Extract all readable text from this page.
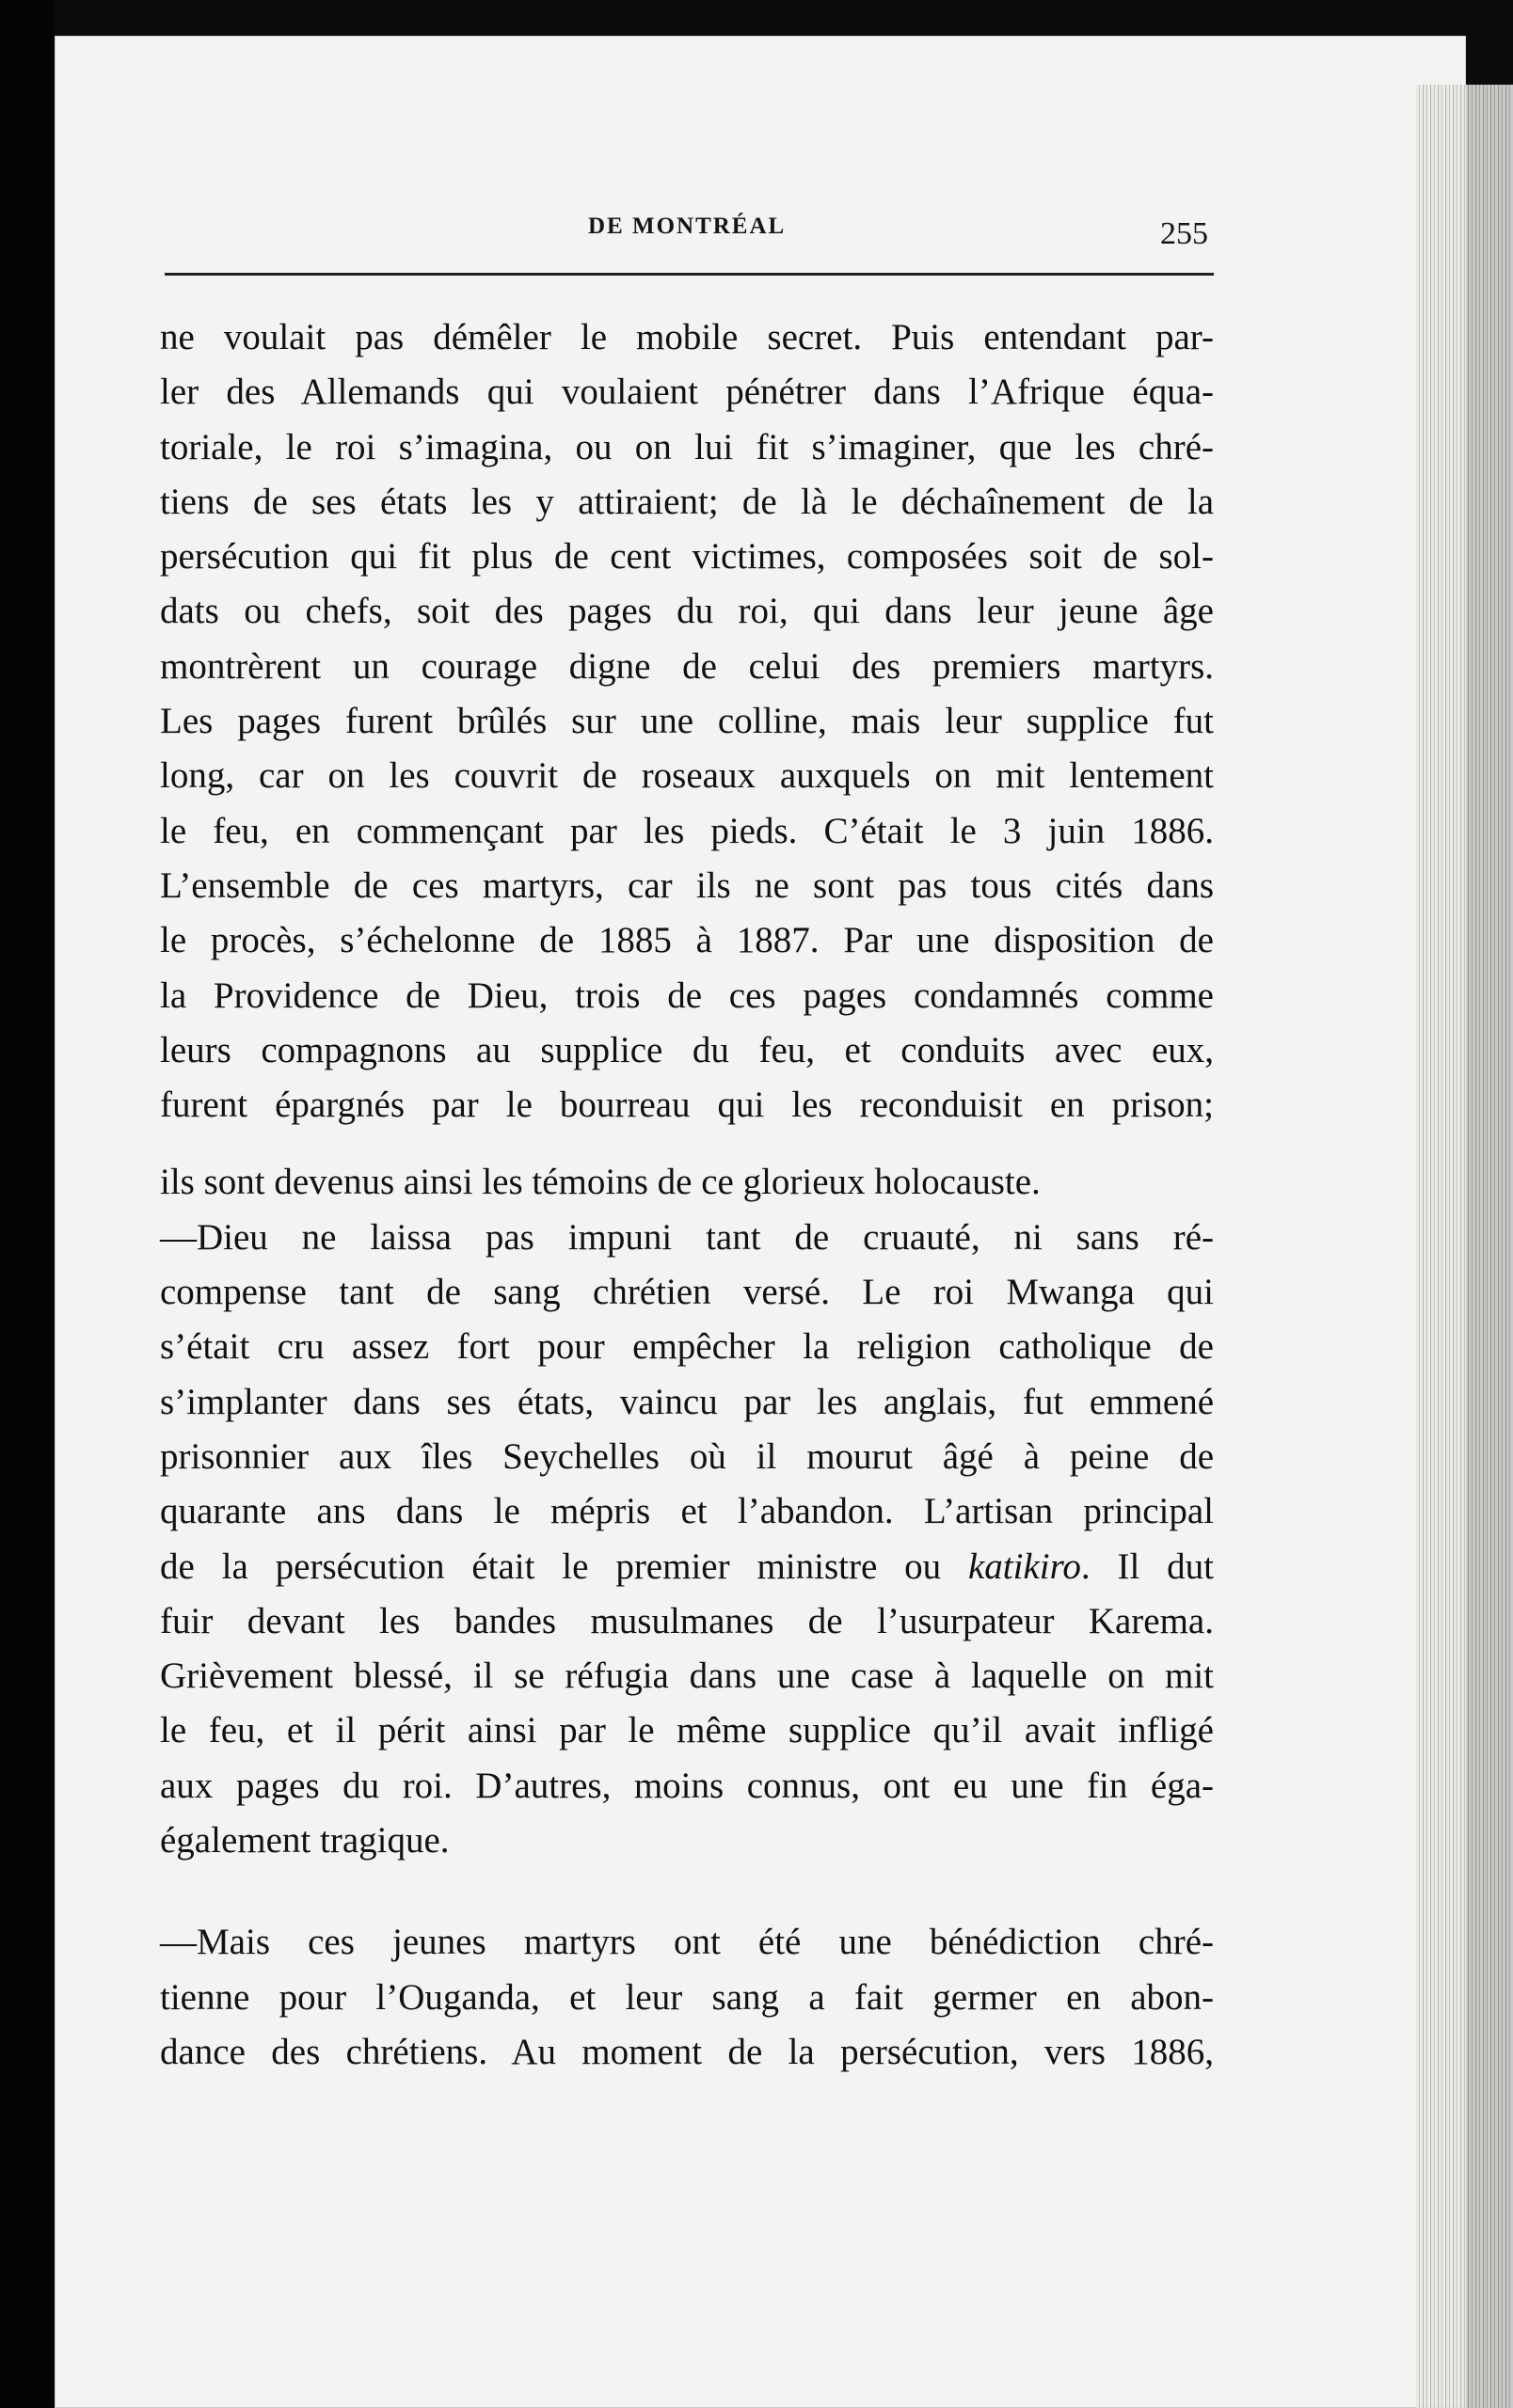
DE MONTRÉAL	255
ne voulait pas démêler le mobile secret. Puis entendant par-
ler des Allemands qui voulaient pénétrer dans l’Afrique équa-
toriale, le roi s’imagina, ou on lui fit s’imaginer, que les chré-
tiens de ses états les y attiraient; de là le déchaînement de la
persécution qui fit plus de cent victimes, composées soit de sol-
dats ou chefs, soit des pages du roi, qui dans leur jeune âge
montrèrent un courage digne de celui des premiers martyrs.
Les pages furent brûlés sur une colline, mais leur supplice fut
long, car on les couvrit de roseaux auxquels on mit lentement
le feu, en commençant par les pieds. C’était le 3 juin 1886.
L’ensemble de ces martyrs, car ils ne sont pas tous cités dans
le procès, s’échelonne de 1885 à 1887. Par une disposition de
la Providence de Dieu, trois de ces pages condamnés comme
leurs compagnons au supplice du feu, et conduits avec eux,
furent épargnés par le bourreau qui les reconduisit en prison;
ils sont devenus ainsi les témoins de ce glorieux holocauste.
—Dieu ne laissa pas impuni tant de cruauté, ni sans ré-
compense tant de sang chrétien versé. Le roi Mwanga qui
s’était cru assez fort pour empêcher la religion catholique de
s’implanter dans ses états, vaincu par les anglais, fut emmené
prisonnier aux îles Seychelles où il mourut âgé à peine de
quarante ans dans le mépris et l’abandon. L’artisan principal
de la persécution était le premier ministre ou katikiro. Il dut
fuir devant les bandes musulmanes de l’usurpateur Karema.
Grièvement blessé, il se réfugia dans une case à laquelle on mit
le feu, et il périt ainsi par le même supplice qu’il avait infligé
aux pages du roi. D’autres, moins connus, ont eu une fin éga-
également tragique.
—Mais ces jeunes martyrs ont été une bénédiction chré-
tienne pour l’Ouganda, et leur sang a fait germer en abon-
dance des chrétiens. Au moment de la persécution, vers 1886,
